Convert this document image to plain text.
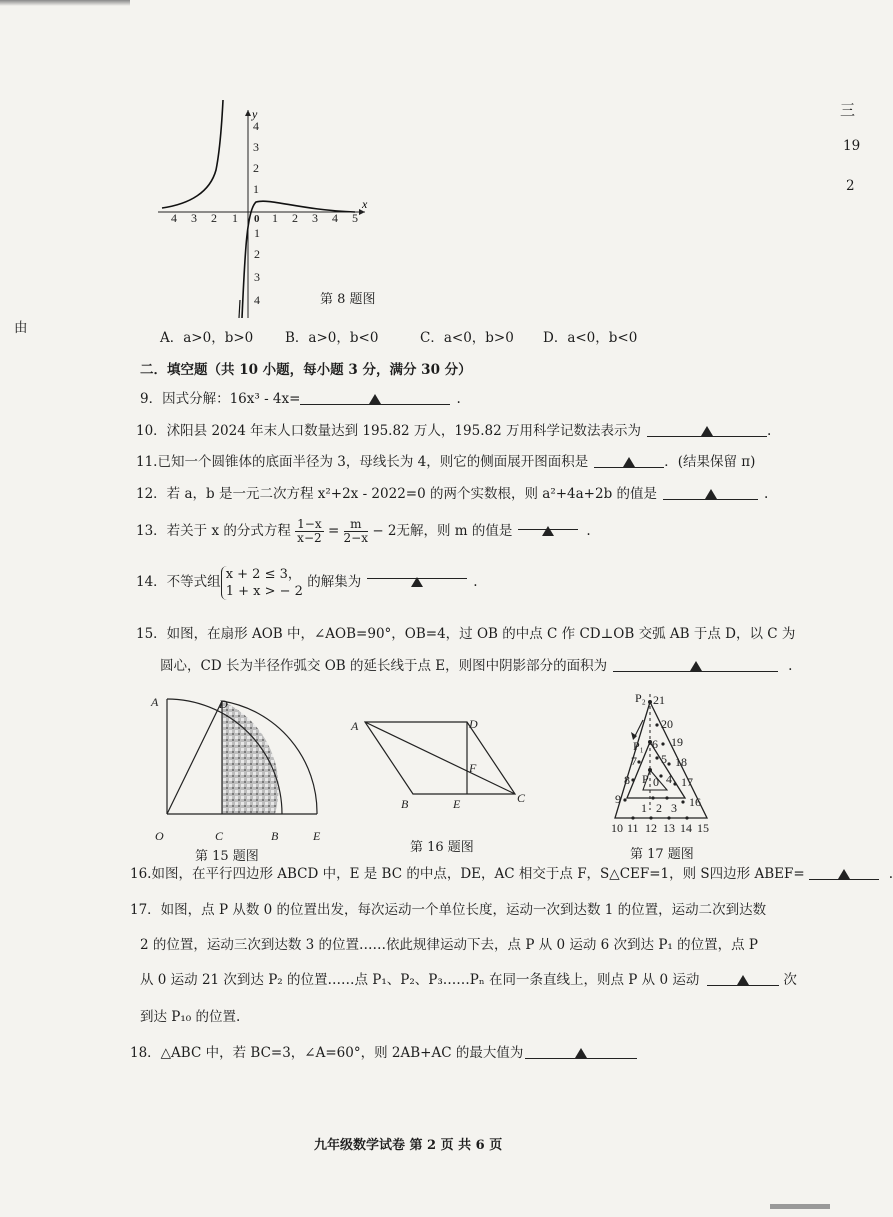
由
三
19
2
x
y
4 3 2 1 0 1 2 3 4 5
4
3
2
1
1
2
3
4	第 8 题图
A．a>0，b>0 B．a>0，b<0	C．a<0，b>0 D．a<0，b<0
二．填空题（共 10 小题，每小题 3 分，满分 30 分）
9．因式分解：16x³ - 4x=	.
10．沭阳县 2024 年末人口数量达到 195.82 万人，195.82 万用科学记数法表示为	.
11.已知一个圆锥体的底面半径为 3，母线长为 4，则它的侧面展开图面积是	．(结果保留 π)
12．若 a，b 是一元二次方程 x²+2x - 2022=0 的两个实数根，则 a²+4a+2b 的值是	.
13．若关于 x 的分式方程 $\frac{1-x}{x-2} = \frac{m}{2-x} - 2$无解，则 m 的值是	.
14．不等式组 x + 2 ≤ 3，
1 + x > − 2
的解集为	.
15．如图，在扇形 AOB 中，∠AOB=90°，OB=4，过 OB 的中点 C 作 CD⊥OB 交弧 AB 于点 D，以 C 为
圆心，CD 长为半径作弧交 OB 的延长线于点 E，则图中阴影部分的面积为	.
A	D
O	C	B	E
第 15 题图
A	D
F
B	E	C
第 16 题图
P₂ 21
20
P₁ 6 19
7 5 18
8 P 0 4 17
9	16
1 2 3
10 11 12 13 14 15
第 17 题图
16.如图，在平行四边形 ABCD 中，E 是 BC 的中点，DE，AC 相交于点 F，S△CEF=1，则 S四边形 ABEF=	.
17．如图，点 P 从数 0 的位置出发，每次运动一个单位长度，运动一次到达数 1 的位置，运动二次到达数
2 的位置，运动三次到达数 3 的位置……依此规律运动下去，点 P 从 0 运动 6 次到达 P₁ 的位置，点 P
从 0 运动 21 次到达 P₂ 的位置……点 P₁、P₂、P₃……Pₙ 在同一条直线上，则点 P 从 0 运动	次
到达 P₁₀ 的位置.
18．△ABC 中，若 BC=3，∠A=60°，则 2AB+AC 的最大值为
九年级数学试卷 第 2 页 共 6 页
